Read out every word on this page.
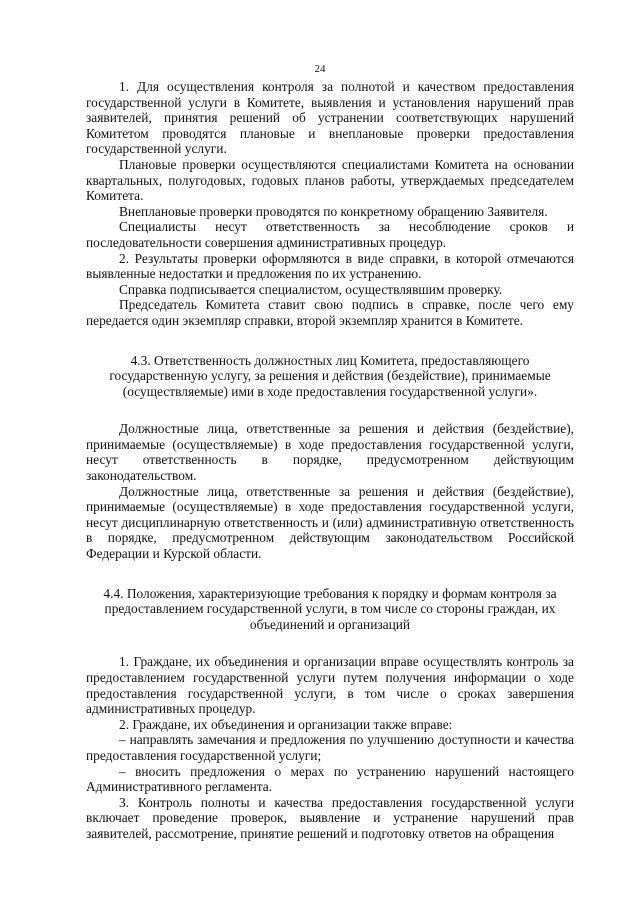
24

1. Для осуществления контроля за полнотой и качеством предоставления государственной услуги в Комитете, выявления и установления нарушений прав заявителей, принятия решений об устранении соответствующих нарушений Комитетом проводятся плановые и внеплановые проверки предоставления государственной услуги.

Плановые проверки осуществляются специалистами Комитета на основании квартальных, полугодовых, годовых планов работы, утверждаемых председателем Комитета.

Внеплановые проверки проводятся по конкретному обращению Заявителя.

Специалисты несут ответственность за несоблюдение сроков и последовательности совершения административных процедур.

2. Результаты проверки оформляются в виде справки, в которой отмечаются выявленные недостатки и предложения по их устранению.

Справка подписывается специалистом, осуществлявшим проверку.

Председатель Комитета ставит свою подпись в справке, после чего ему передается один экземпляр справки, второй экземпляр хранится в Комитете.

4.3. Ответственность должностных лиц Комитета, предоставляющего государственную услугу, за решения и действия (бездействие), принимаемые (осуществляемые) ими в ходе предоставления государственной услуги».

Должностные лица, ответственные за решения и действия (бездействие), принимаемые (осуществляемые) в ходе предоставления государственной услуги, несут ответственность в порядке, предусмотренном действующим законодательством.

Должностные лица, ответственные за решения и действия (бездействие), принимаемые (осуществляемые) в ходе предоставления государственной услуги, несут дисциплинарную ответственность и (или) административную ответственность в порядке, предусмотренном действующим законодательством Российской Федерации и Курской области.

4.4. Положения, характеризующие требования к порядку и формам контроля за предоставлением государственной услуги, в том числе со стороны граждан, их объединений и организаций

1. Граждане, их объединения и организации вправе осуществлять контроль за предоставлением государственной услуги путем получения информации о ходе предоставления государственной услуги, в том числе о сроках завершения административных процедур.

2. Граждане, их объединения и организации также вправе:

– направлять замечания и предложения по улучшению доступности и качества предоставления государственной услуги;

– вносить предложения о мерах по устранению нарушений настоящего Административного регламента.

3. Контроль полноты и качества предоставления государственной услуги включает проведение проверок, выявление и устранение нарушений прав заявителей, рассмотрение, принятие решений и подготовку ответов на обращения
